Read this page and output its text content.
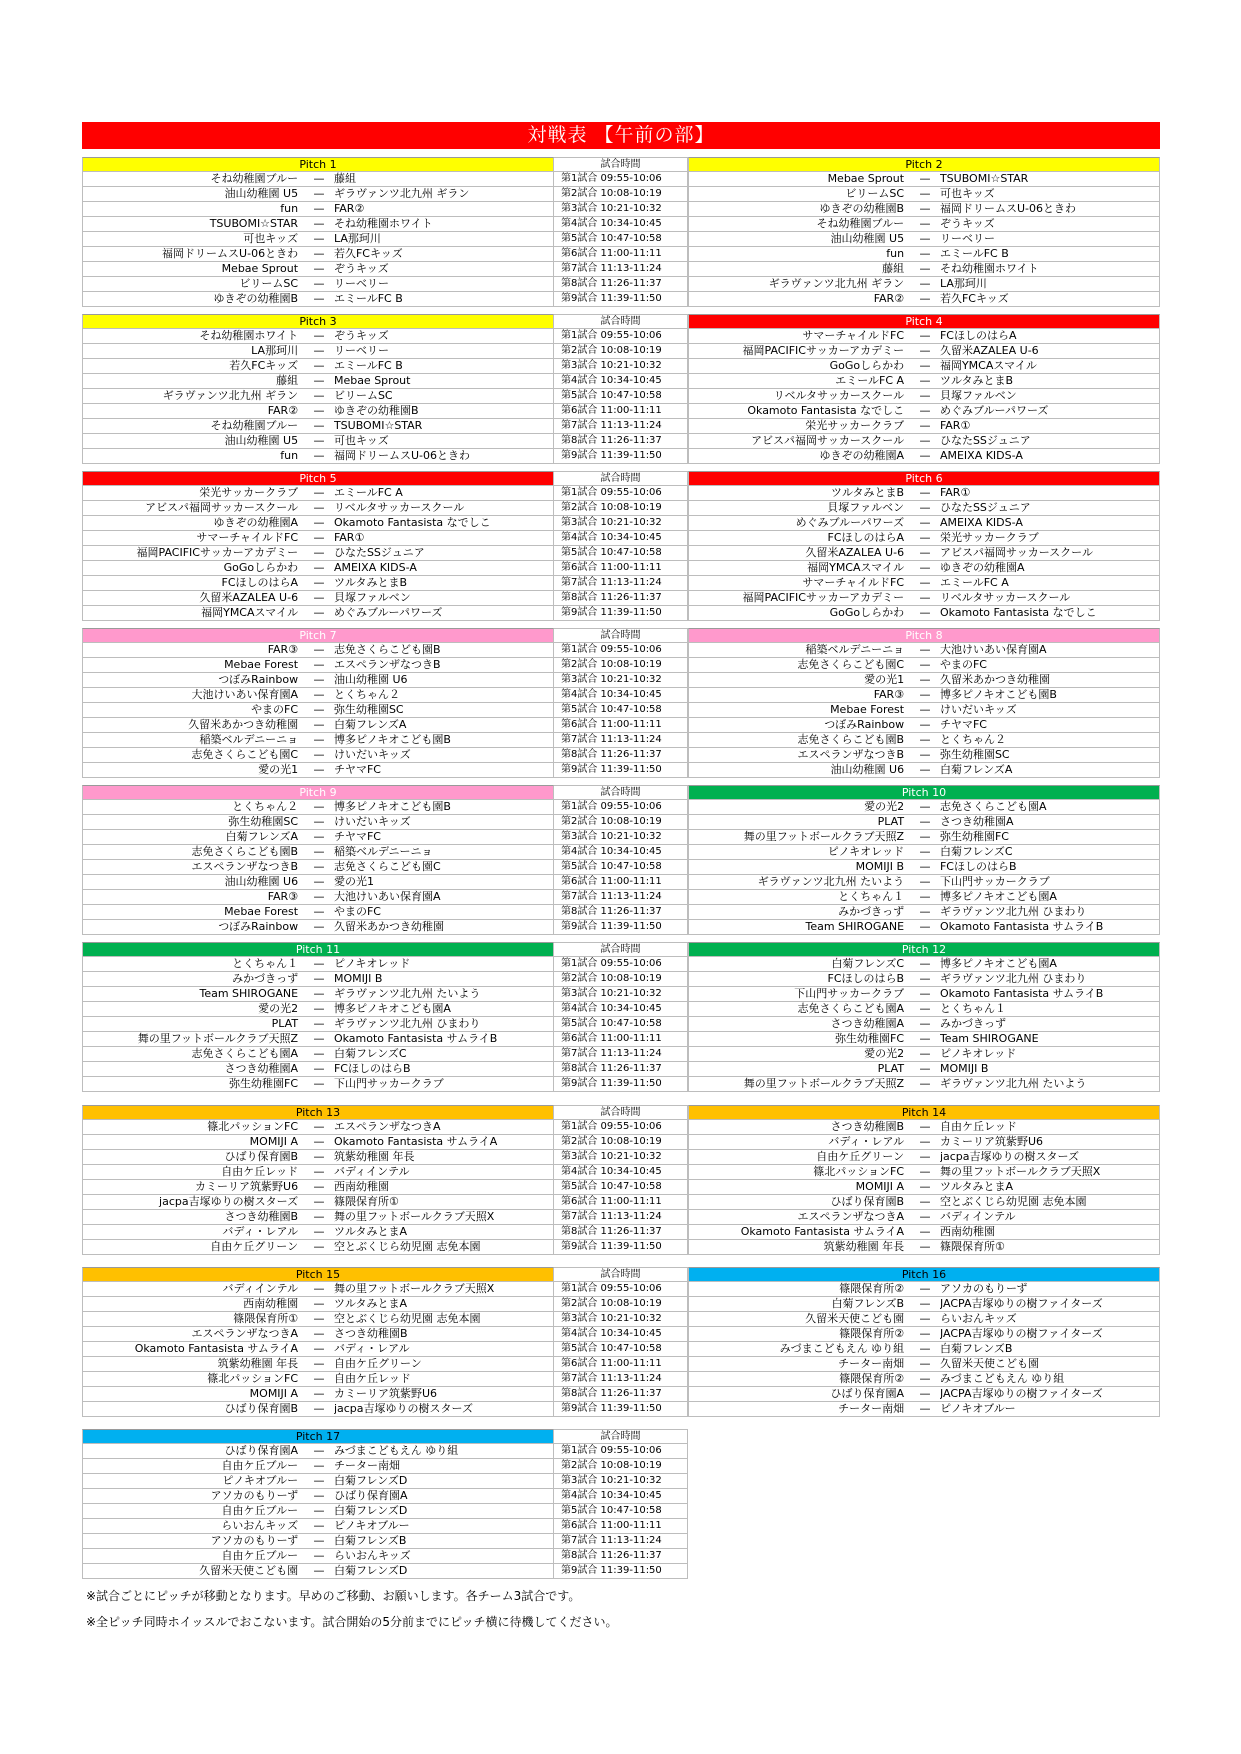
対戦表 【午前の部】
Pitch 1	試合時間	Pitch 2
そね幼稚園ブルー	— 藤組	第1試合 09:55-10:06	Mebae Sprout	— TSUBOMI☆STAR
油山幼稚園 U5	— ギラヴァンツ北九州 ギラン	第2試合 10:08-10:19	ビリームSC	— 可也キッズ
fun	— FAR②	第3試合 10:21-10:32	ゆきぞの幼稚園B	— 福岡ドリームスU-06ときわ
TSUBOMI☆STAR	— そね幼稚園ホワイト	第4試合 10:34-10:45	そね幼稚園ブルー	— ぞうキッズ
可也キッズ	— LA那珂川	第5試合 10:47-10:58	油山幼稚園 U5	— リーベリー
福岡ドリームスU-06ときわ	— 若久FCキッズ	第6試合 11:00-11:11	fun	— エミールFC B
Mebae Sprout	— ぞうキッズ	第7試合 11:13-11:24	藤組	— そね幼稚園ホワイト
ビリームSC	— リーベリー	第8試合 11:26-11:37	ギラヴァンツ北九州 ギラン	— LA那珂川
ゆきぞの幼稚園B	— エミールFC B	第9試合 11:39-11:50	FAR②	— 若久FCキッズ
Pitch 3	試合時間	Pitch 4
そね幼稚園ホワイト	— ぞうキッズ	第1試合 09:55-10:06	サマーチャイルドFC	— FCほしのはらA
LA那珂川	— リーベリー	第2試合 10:08-10:19	福岡PACIFICサッカーアカデミー	— 久留米AZALEA U-6
若久FCキッズ	— エミールFC B	第3試合 10:21-10:32	GoGoしらかわ	— 福岡YMCAスマイル
藤組	— Mebae Sprout	第4試合 10:34-10:45	エミールFC A	— ツルタみとまB
ギラヴァンツ北九州 ギラン	— ビリームSC	第5試合 10:47-10:58	リベルタサッカースクール	— 貝塚ファルベン
FAR②	— ゆきぞの幼稚園B	第6試合 11:00-11:11	Okamoto Fantasista なでしこ	— めぐみブルーパワーズ
そね幼稚園ブルー	— TSUBOMI☆STAR	第7試合 11:13-11:24	栄光サッカークラブ	— FAR①
油山幼稚園 U5	— 可也キッズ	第8試合 11:26-11:37	アビスパ福岡サッカースクール	— ひなたSSジュニア
fun	— 福岡ドリームスU-06ときわ	第9試合 11:39-11:50	ゆきぞの幼稚園A	— AMEIXA KIDS-A
Pitch 5	試合時間	Pitch 6
栄光サッカークラブ	— エミールFC A	第1試合 09:55-10:06	ツルタみとまB	— FAR①
アビスパ福岡サッカースクール	— リベルタサッカースクール	第2試合 10:08-10:19	貝塚ファルベン	— ひなたSSジュニア
ゆきぞの幼稚園A	— Okamoto Fantasista なでしこ	第3試合 10:21-10:32	めぐみブルーパワーズ	— AMEIXA KIDS-A
サマーチャイルドFC	— FAR①	第4試合 10:34-10:45	FCほしのはらA	— 栄光サッカークラブ
福岡PACIFICサッカーアカデミー	— ひなたSSジュニア	第5試合 10:47-10:58	久留米AZALEA U-6	— アビスパ福岡サッカースクール
GoGoしらかわ	— AMEIXA KIDS-A	第6試合 11:00-11:11	福岡YMCAスマイル	— ゆきぞの幼稚園A
FCほしのはらA	— ツルタみとまB	第7試合 11:13-11:24	サマーチャイルドFC	— エミールFC A
久留米AZALEA U-6	— 貝塚ファルベン	第8試合 11:26-11:37	福岡PACIFICサッカーアカデミー	— リベルタサッカースクール
福岡YMCAスマイル	— めぐみブルーパワーズ	第9試合 11:39-11:50	GoGoしらかわ	— Okamoto Fantasista なでしこ
Pitch 7	試合時間	Pitch 8
FAR③	— 志免さくらこども園B	第1試合 09:55-10:06	稲築ベルデニーニョ	— 大池けいあい保育園A
Mebae Forest	— エスペランザなつきB	第2試合 10:08-10:19	志免さくらこども園C	— やまのFC
つぼみRainbow	— 油山幼稚園 U6	第3試合 10:21-10:32	愛の光1	— 久留米あかつき幼稚園
大池けいあい保育園A	— とくちゃん２	第4試合 10:34-10:45	FAR③	— 博多ピノキオこども園B
やまのFC	— 弥生幼稚園SC	第5試合 10:47-10:58	Mebae Forest	— けいだいキッズ
久留米あかつき幼稚園	— 白菊フレンズA	第6試合 11:00-11:11	つぼみRainbow	— チヤマFC
稲築ベルデニーニョ	— 博多ピノキオこども園B	第7試合 11:13-11:24	志免さくらこども園B	— とくちゃん２
志免さくらこども園C	— けいだいキッズ	第8試合 11:26-11:37	エスペランザなつきB	— 弥生幼稚園SC
愛の光1	— チヤマFC	第9試合 11:39-11:50	油山幼稚園 U6	— 白菊フレンズA
Pitch 9	試合時間	Pitch 10
とくちゃん２	— 博多ピノキオこども園B	第1試合 09:55-10:06	愛の光2	— 志免さくらこども園A
弥生幼稚園SC	— けいだいキッズ	第2試合 10:08-10:19	PLAT	— さつき幼稚園A
白菊フレンズA	— チヤマFC	第3試合 10:21-10:32	舞の里フットボールクラブ天照Z	— 弥生幼稚園FC
志免さくらこども園B	— 稲築ベルデニーニョ	第4試合 10:34-10:45	ピノキオレッド	— 白菊フレンズC
エスペランザなつきB	— 志免さくらこども園C	第5試合 10:47-10:58	MOMIJI B	— FCほしのはらB
油山幼稚園 U6	— 愛の光1	第6試合 11:00-11:11	ギラヴァンツ北九州 たいよう	— 下山門サッカークラブ
FAR③	— 大池けいあい保育園A	第7試合 11:13-11:24	とくちゃん１	— 博多ピノキオこども園A
Mebae Forest	— やまのFC	第8試合 11:26-11:37	みかづきっず	— ギラヴァンツ北九州 ひまわり
つぼみRainbow	— 久留米あかつき幼稚園	第9試合 11:39-11:50	Team SHIROGANE	— Okamoto Fantasista サムライB
Pitch 11	試合時間	Pitch 12
とくちゃん１	— ピノキオレッド	第1試合 09:55-10:06	白菊フレンズC	— 博多ピノキオこども園A
みかづきっず	— MOMIJI B	第2試合 10:08-10:19	FCほしのはらB	— ギラヴァンツ北九州 ひまわり
Team SHIROGANE	— ギラヴァンツ北九州 たいよう	第3試合 10:21-10:32	下山門サッカークラブ	— Okamoto Fantasista サムライB
愛の光2	— 博多ピノキオこども園A	第4試合 10:34-10:45	志免さくらこども園A	— とくちゃん１
PLAT	— ギラヴァンツ北九州 ひまわり	第5試合 10:47-10:58	さつき幼稚園A	— みかづきっず
舞の里フットボールクラブ天照Z	— Okamoto Fantasista サムライB	第6試合 11:00-11:11	弥生幼稚園FC	— Team SHIROGANE
志免さくらこども園A	— 白菊フレンズC	第7試合 11:13-11:24	愛の光2	— ピノキオレッド
さつき幼稚園A	— FCほしのはらB	第8試合 11:26-11:37	PLAT	— MOMIJI B
弥生幼稚園FC	— 下山門サッカークラブ	第9試合 11:39-11:50	舞の里フットボールクラブ天照Z	— ギラヴァンツ北九州 たいよう
Pitch 13	試合時間	Pitch 14
篠北パッションFC	— エスペランザなつきA	第1試合 09:55-10:06	さつき幼稚園B	— 自由ケ丘レッド
MOMIJI A	— Okamoto Fantasista サムライA	第2試合 10:08-10:19	バディ・レアル	— カミーリア筑紫野U6
ひばり保育園B	— 筑紫幼稚園 年長	第3試合 10:21-10:32	自由ケ丘グリーン	— jacpa吉塚ゆりの樹スターズ
自由ケ丘レッド	— バディインテル	第4試合 10:34-10:45	篠北パッションFC	— 舞の里フットボールクラブ天照X
カミーリア筑紫野U6	— 西南幼稚園	第5試合 10:47-10:58	MOMIJI A	— ツルタみとまA
jacpa吉塚ゆりの樹スターズ	— 篠隈保育所①	第6試合 11:00-11:11	ひばり保育園B	— 空とぶくじら幼児園 志免本園
さつき幼稚園B	— 舞の里フットボールクラブ天照X	第7試合 11:13-11:24	エスペランザなつきA	— バディインテル
バディ・レアル	— ツルタみとまA	第8試合 11:26-11:37	Okamoto Fantasista サムライA	— 西南幼稚園
自由ケ丘グリーン	— 空とぶくじら幼児園 志免本園	第9試合 11:39-11:50	筑紫幼稚園 年長	— 篠隈保育所①
Pitch 15	試合時間	Pitch 16
バディインテル	— 舞の里フットボールクラブ天照X	第1試合 09:55-10:06	篠隈保育所②	— アソカのもりーず
西南幼稚園	— ツルタみとまA	第2試合 10:08-10:19	白菊フレンズB	— JACPA吉塚ゆりの樹ファイターズ
篠隈保育所①	— 空とぶくじら幼児園 志免本園	第3試合 10:21-10:32	久留米天使こども園	— らいおんキッズ
エスペランザなつきA	— さつき幼稚園B	第4試合 10:34-10:45	篠隈保育所②	— JACPA吉塚ゆりの樹ファイターズ
Okamoto Fantasista サムライA	— バディ・レアル	第5試合 10:47-10:58	みづまこどもえん ゆり組	— 白菊フレンズB
筑紫幼稚園 年長	— 自由ケ丘グリーン	第6試合 11:00-11:11	チーター南畑	— 久留米天使こども園
篠北パッションFC	— 自由ケ丘レッド	第7試合 11:13-11:24	篠隈保育所②	— みづまこどもえん ゆり組
MOMIJI A	— カミーリア筑紫野U6	第8試合 11:26-11:37	ひばり保育園A	— JACPA吉塚ゆりの樹ファイターズ
ひばり保育園B	— jacpa吉塚ゆりの樹スターズ	第9試合 11:39-11:50	チーター南畑	— ピノキオブルー
Pitch 17	試合時間
ひばり保育園A	— みづまこどもえん ゆり組	第1試合 09:55-10:06
自由ケ丘ブルー	— チーター南畑	第2試合 10:08-10:19
ピノキオブルー	— 白菊フレンズD	第3試合 10:21-10:32
アソカのもりーず	— ひばり保育園A	第4試合 10:34-10:45
自由ケ丘ブルー	— 白菊フレンズD	第5試合 10:47-10:58
らいおんキッズ	— ピノキオブルー	第6試合 11:00-11:11
アソカのもりーず	— 白菊フレンズB	第7試合 11:13-11:24
自由ケ丘ブルー	— らいおんキッズ	第8試合 11:26-11:37
久留米天使こども園	— 白菊フレンズD	第9試合 11:39-11:50
※試合ごとにピッチが移動となります。早めのご移動、お願いします。各チーム3試合です。
※全ピッチ同時ホイッスルでおこないます。試合開始の5分前までにピッチ横に待機してください。
